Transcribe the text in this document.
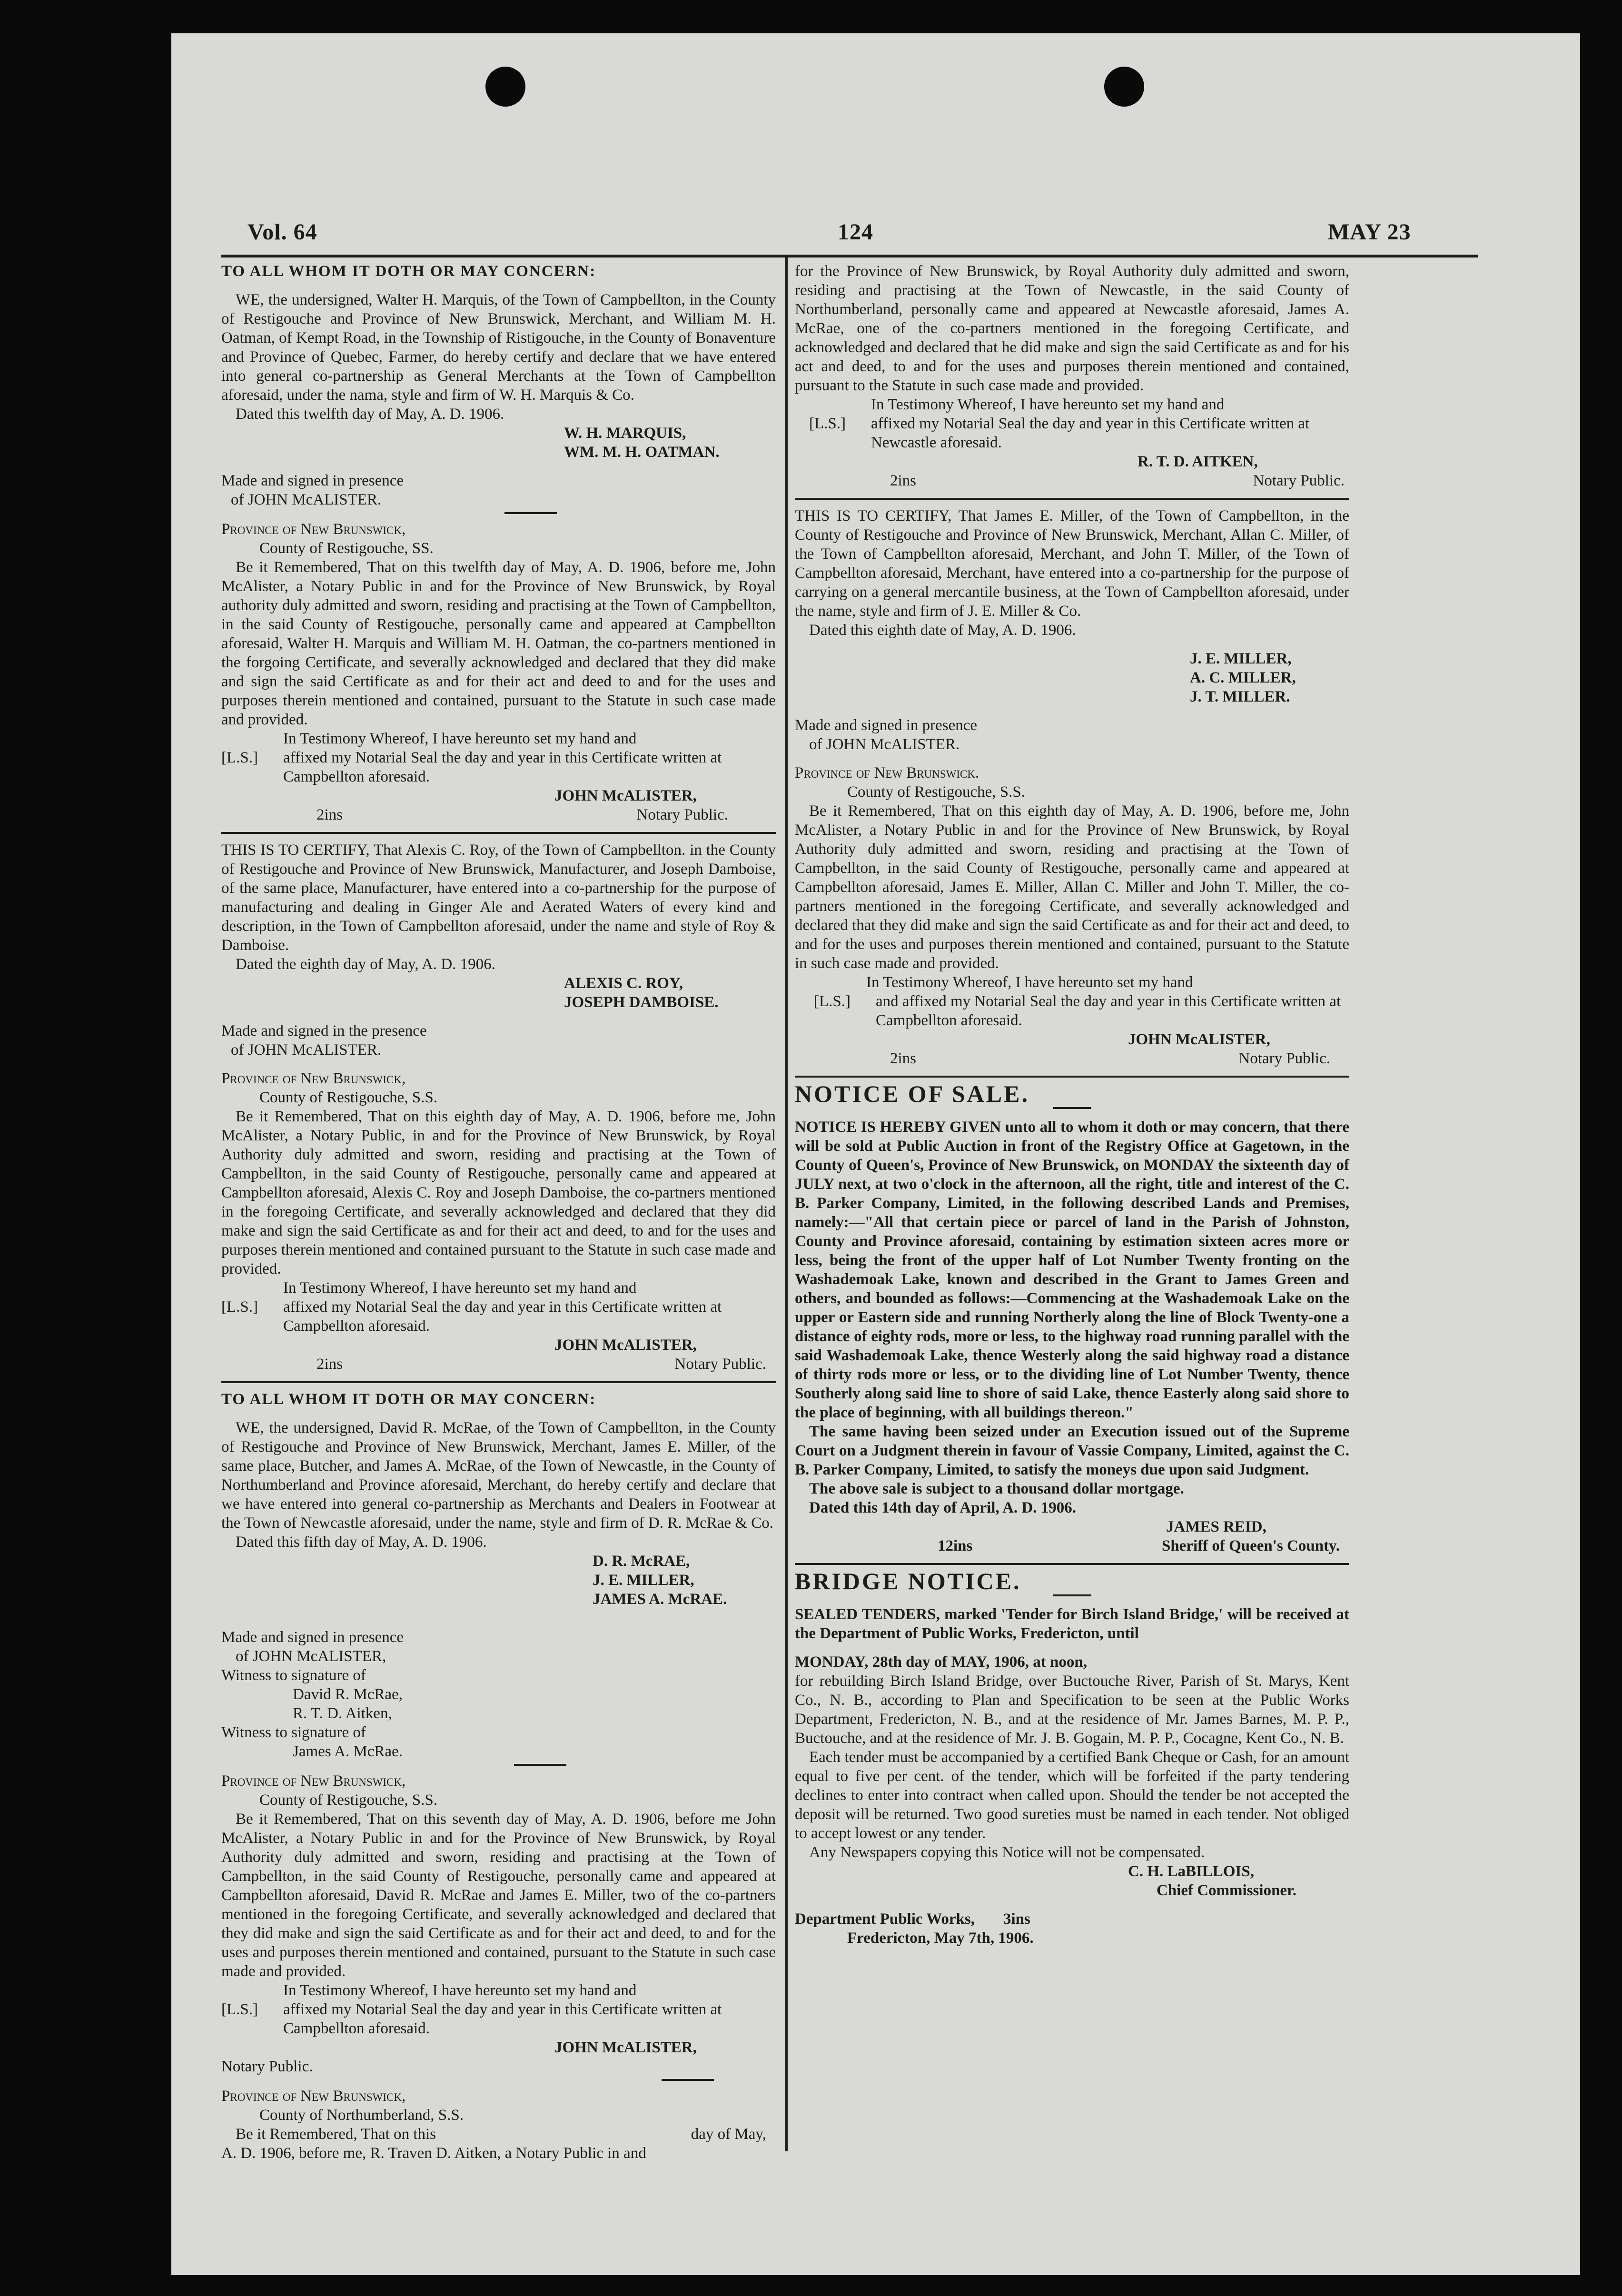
Vol. 64	124	MAY 23

TO ALL WHOM IT DOTH OR MAY CONCERN:

WE, the undersigned, Walter H. Marquis, of the Town of Campbellton, in the County of Restigouche and Province of New Brunswick, Merchant, and William M. H. Oatman, of Kempt Road, in the Township of Ristigouche, in the County of Bonaventure and Province of Quebec, Farmer, do hereby certify and declare that we have entered into general co-partnership as General Merchants at the Town of Campbellton aforesaid, under the nama, style and firm of W. H. Marquis & Co.

Dated this twelfth day of May, A. D. 1906.

W. H. MARQUIS,

WM. M. H. OATMAN.

Made and signed in presence

of JOHN McALISTER.

Province of New Brunswick,

County of Restigouche, SS.

Be it Remembered, That on this twelfth day of May, A. D. 1906, before me, John McAlister, a Notary Public in and for the Province of New Brunswick, by Royal authority duly admitted and sworn, residing and practising at the Town of Campbellton, in the said County of Restigouche, personally came and appeared at Campbellton aforesaid, Walter H. Marquis and William M. H. Oatman, the co-partners mentioned in the forgoing Certificate, and severally acknowledged and declared that they did make and sign the said Certificate as and for their act and deed to and for the uses and purposes therein mentioned and contained, pursuant to the Statute in such case made and provided.

In Testimony Whereof, I have hereunto set my hand and

[L.S.]	affixed my Notarial Seal the day and year in this Certificate written at Campbellton aforesaid.

JOHN McALISTER,

2ins	Notary Public.

THIS IS TO CERTIFY, That Alexis C. Roy, of the Town of Campbellton. in the County of Restigouche and Province of New Brunswick, Manufacturer, and Joseph Damboise, of the same place, Manufacturer, have entered into a co-partnership for the purpose of manufacturing and dealing in Ginger Ale and Aerated Waters of every kind and description, in the Town of Campbellton aforesaid, under the name and style of Roy & Damboise.

Dated the eighth day of May, A. D. 1906.

ALEXIS C. ROY,

JOSEPH DAMBOISE.

Made and signed in the presence

of JOHN McALISTER.

Province of New Brunswick,

County of Restigouche, S.S.

Be it Remembered, That on this eighth day of May, A. D. 1906, before me, John McAlister, a Notary Public, in and for the Province of New Brunswick, by Royal Authority duly admitted and sworn, residing and practising at the Town of Campbellton, in the said County of Restigouche, personally came and appeared at Campbellton aforesaid, Alexis C. Roy and Joseph Damboise, the co-partners mentioned in the foregoing Certificate, and severally acknowledged and declared that they did make and sign the said Certificate as and for their act and deed, to and for the uses and purposes therein mentioned and contained pursuant to the Statute in such case made and provided.

In Testimony Whereof, I have hereunto set my hand and

[L.S.]	affixed my Notarial Seal the day and year in this Certificate written at Campbellton aforesaid.

JOHN McALISTER,

2ins	Notary Public.

TO ALL WHOM IT DOTH OR MAY CONCERN:

WE, the undersigned, David R. McRae, of the Town of Campbellton, in the County of Restigouche and Province of New Brunswick, Merchant, James E. Miller, of the same place, Butcher, and James A. McRae, of the Town of Newcastle, in the County of Northumberland and Province aforesaid, Merchant, do hereby certify and declare that we have entered into general co-partnership as Merchants and Dealers in Footwear at the Town of Newcastle aforesaid, under the name, style and firm of D. R. McRae & Co.

Dated this fifth day of May, A. D. 1906.

D. R. McRAE,

J. E. MILLER,

JAMES A. McRAE.

Made and signed in presence

of JOHN McALISTER,

Witness to signature of

David R. McRae,

R. T. D. Aitken,

Witness to signature of

James A. McRae.

Province of New Brunswick,

County of Restigouche, S.S.

Be it Remembered, That on this seventh day of May, A. D. 1906, before me John McAlister, a Notary Public in and for the Province of New Brunswick, by Royal Authority duly admitted and sworn, residing and practising at the Town of Campbellton, in the said County of Restigouche, personally came and appeared at Campbellton aforesaid, David R. McRae and James E. Miller, two of the co-partners mentioned in the foregoing Certificate, and severally acknowledged and declared that they did make and sign the said Certificate as and for their act and deed, to and for the uses and purposes therein mentioned and contained, pursuant to the Statute in such case made and provided.

In Testimony Whereof, I have hereunto set my hand and

[L.S.]	affixed my Notarial Seal the day and year in this Certificate written at Campbellton aforesaid.

JOHN McALISTER,

Notary Public.

Province of New Brunswick,

County of Northumberland, S.S.

Be it Remembered, That on this	day of May,

A. D. 1906, before me, R. Traven D. Aitken, a Notary Public in and

for the Province of New Brunswick, by Royal Authority duly admitted and sworn, residing and practising at the Town of Newcastle, in the said County of Northumberland, personally came and appeared at Newcastle aforesaid, James A. McRae, one of the co-partners mentioned in the foregoing Certificate, and acknowledged and declared that he did make and sign the said Certificate as and for his act and deed, to and for the uses and purposes therein mentioned and contained, pursuant to the Statute in such case made and provided.

In Testimony Whereof, I have hereunto set my hand and

[L.S.]	affixed my Notarial Seal the day and year in this Certificate written at Newcastle aforesaid.

R. T. D. AITKEN,

2ins	Notary Public.

THIS IS TO CERTIFY, That James E. Miller, of the Town of Campbellton, in the County of Restigouche and Province of New Brunswick, Merchant, Allan C. Miller, of the Town of Campbellton aforesaid, Merchant, and John T. Miller, of the Town of Campbellton aforesaid, Merchant, have entered into a co-partnership for the purpose of carrying on a general mercantile business, at the Town of Campbellton aforesaid, under the name, style and firm of J. E. Miller & Co.

Dated this eighth date of May, A. D. 1906.

J. E. MILLER,

A. C. MILLER,

J. T. MILLER.

Made and signed in presence

of JOHN McALISTER.

Province of New Brunswick.

County of Restigouche, S.S.

Be it Remembered, That on this eighth day of May, A. D. 1906, before me, John McAlister, a Notary Public in and for the Province of New Brunswick, by Royal Authority duly admitted and sworn, residing and practising at the Town of Campbellton, in the said County of Restigouche, personally came and appeared at Campbellton aforesaid, James E. Miller, Allan C. Miller and John T. Miller, the co-partners mentioned in the foregoing Certificate, and severally acknowledged and declared that they did make and sign the said Certificate as and for their act and deed, to and for the uses and purposes therein mentioned and contained, pursuant to the Statute in such case made and provided.

In Testimony Whereof, I have hereunto set my hand

[L.S.]	and affixed my Notarial Seal the day and year in this Certificate written at Campbellton aforesaid.

JOHN McALISTER,

2ins	Notary Public.

NOTICE OF SALE.

NOTICE IS HEREBY GIVEN unto all to whom it doth or may concern, that there will be sold at Public Auction in front of the Registry Office at Gagetown, in the County of Queen's, Province of New Brunswick, on MONDAY the sixteenth day of JULY next, at two o'clock in the afternoon, all the right, title and interest of the C. B. Parker Company, Limited, in the following described Lands and Premises, namely:—"All that certain piece or parcel of land in the Parish of Johnston, County and Province aforesaid, containing by estimation sixteen acres more or less, being the front of the upper half of Lot Number Twenty fronting on the Washademoak Lake, known and described in the Grant to James Green and others, and bounded as follows:—Commencing at the Washademoak Lake on the upper or Eastern side and running Northerly along the line of Block Twenty-one a distance of eighty rods, more or less, to the highway road running parallel with the said Washademoak Lake, thence Westerly along the said highway road a distance of thirty rods more or less, or to the dividing line of Lot Number Twenty, thence Southerly along said line to shore of said Lake, thence Easterly along said shore to the place of beginning, with all buildings thereon."

The same having been seized under an Execution issued out of the Supreme Court on a Judgment therein in favour of Vassie Company, Limited, against the C. B. Parker Company, Limited, to satisfy the moneys due upon said Judgment.

The above sale is subject to a thousand dollar mortgage.

Dated this 14th day of April, A. D. 1906.

JAMES REID,

12ins	Sheriff of Queen's County.

BRIDGE NOTICE.

SEALED TENDERS, marked 'Tender for Birch Island Bridge,' will be received at the Department of Public Works, Fredericton, until

MONDAY, 28th day of MAY, 1906, at noon,

for rebuilding Birch Island Bridge, over Buctouche River, Parish of St. Marys, Kent Co., N. B., according to Plan and Specification to be seen at the Public Works Department, Fredericton, N. B., and at the residence of Mr. James Barnes, M. P. P., Buctouche, and at the residence of Mr. J. B. Gogain, M. P. P., Cocagne, Kent Co., N. B.

Each tender must be accompanied by a certified Bank Cheque or Cash, for an amount equal to five per cent. of the tender, which will be forfeited if the party tendering declines to enter into contract when called upon. Should the tender be not accepted the deposit will be returned. Two good sureties must be named in each tender. Not obliged to accept lowest or any tender.

Any Newspapers copying this Notice will not be compensated.

C. H. LaBILLOIS,

Chief Commissioner.

Department Public Works,	3ins

Fredericton, May 7th, 1906.
